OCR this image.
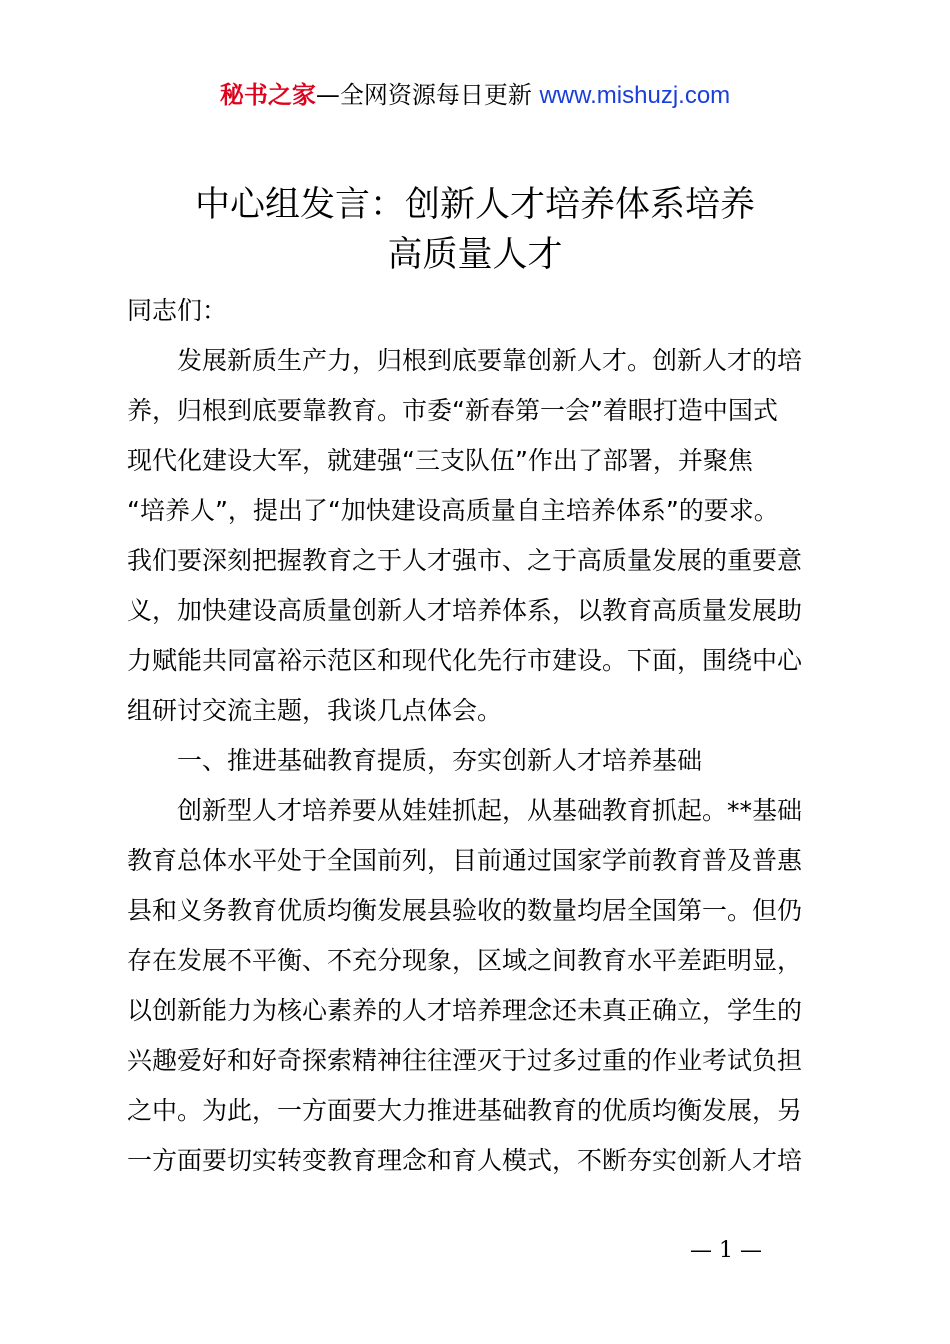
秘书之家—全网资源每日更新 www.mishuzj.com
中心组发言：创新人才培养体系培养
高质量人才
同志们：
发展新质生产力，归根到底要靠创新人才。创新人才的培
养，归根到底要靠教育。市委“新春第一会”着眼打造中国式
现代化建设大军，就建强“三支队伍”作出了部署，并聚焦
“培养人”，提出了“加快建设高质量自主培养体系”的要求。
我们要深刻把握教育之于人才强市、之于高质量发展的重要意
义，加快建设高质量创新人才培养体系，以教育高质量发展助
力赋能共同富裕示范区和现代化先行市建设。下面，围绕中心
组研讨交流主题，我谈几点体会。
一、推进基础教育提质，夯实创新人才培养基础
创新型人才培养要从娃娃抓起，从基础教育抓起。**基础
教育总体水平处于全国前列，目前通过国家学前教育普及普惠
县和义务教育优质均衡发展县验收的数量均居全国第一。但仍
存在发展不平衡、不充分现象，区域之间教育水平差距明显，
以创新能力为核心素养的人才培养理念还未真正确立，学生的
兴趣爱好和好奇探索精神往往湮灭于过多过重的作业考试负担
之中。为此，一方面要大力推进基础教育的优质均衡发展，另
一方面要切实转变教育理念和育人模式，不断夯实创新人才培
— 1 —
